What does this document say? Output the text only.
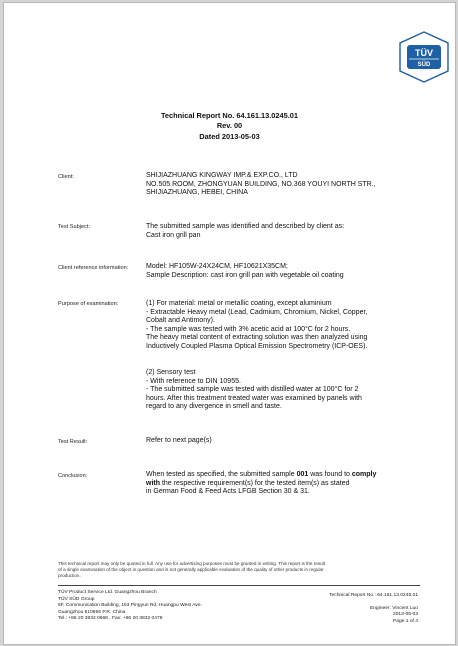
TÜV
SÜD
Technical Report No. 64.161.13.0245.01
Rev. 00
Dated 2013-05-03
Client:	SHIJIAZHUANG KINGWAY IMP.& EXP.CO., LTD
NO.505 ROOM, ZHONGYUAN BUILDING, NO.368 YOUYI NORTH STR.,
SHIJIAZHUANG, HEBEI, CHINA
Test Subject:	The submitted sample was identified and described by client as:
Cast iron grill pan
Client reference information:	Model: HF105W-24X24CM, HF10621X35CM;
Sample Description: cast iron grill pan with vegetable oil coating
Purpose of examination:	(1) For material: metal or metallic coating, except aluminium
- Extractable Heavy metal (Lead, Cadmium, Chromium, Nickel, Copper,
Cobalt and Antimony).
- The sample was tested with 3% acetic acid at 100°C for 2 hours.
The heavy metal content of extracting solution was then analyzed using
Inductively Coupled Plasma Optical Emission Spectrometry (ICP-OES).
(2) Sensory test
- With reference to DIN 10955.
- The submitted sample was tested with distilled water at 100°C for 2
hours. After this treatment treated water was examined by panels with
regard to any divergence in smell and taste.
Test Result:	Refer to next page(s)
Conclusion:	When tested as specified, the submitted sample 001 was found to comply
with the respective requirement(s) for the tested item(s) as stated
in German Food & Feed Acts LFGB Section 30 & 31.
This technical report may only be quoted in full. Any use for advertising purposes must be granted in writing. This report is the result
of a single examination of the object in question and is not generally applicable evaluation of the quality of other products in regular
production.
TÜV Product Service Ltd. Guangzhou Branch
TÜV SÜD Group
5F, Communication Building, 163 Pingyun Rd, Huangpu West Ave.
Guangzhou 510656 P.R. China
Tel.: +86 20 3832 0668 , Fax: +86 20 3832 0478
Technical Report No.: 64.161.13.0245.01
Engineer: Vincent Luo
2013-05-03
Page 1 of 4
